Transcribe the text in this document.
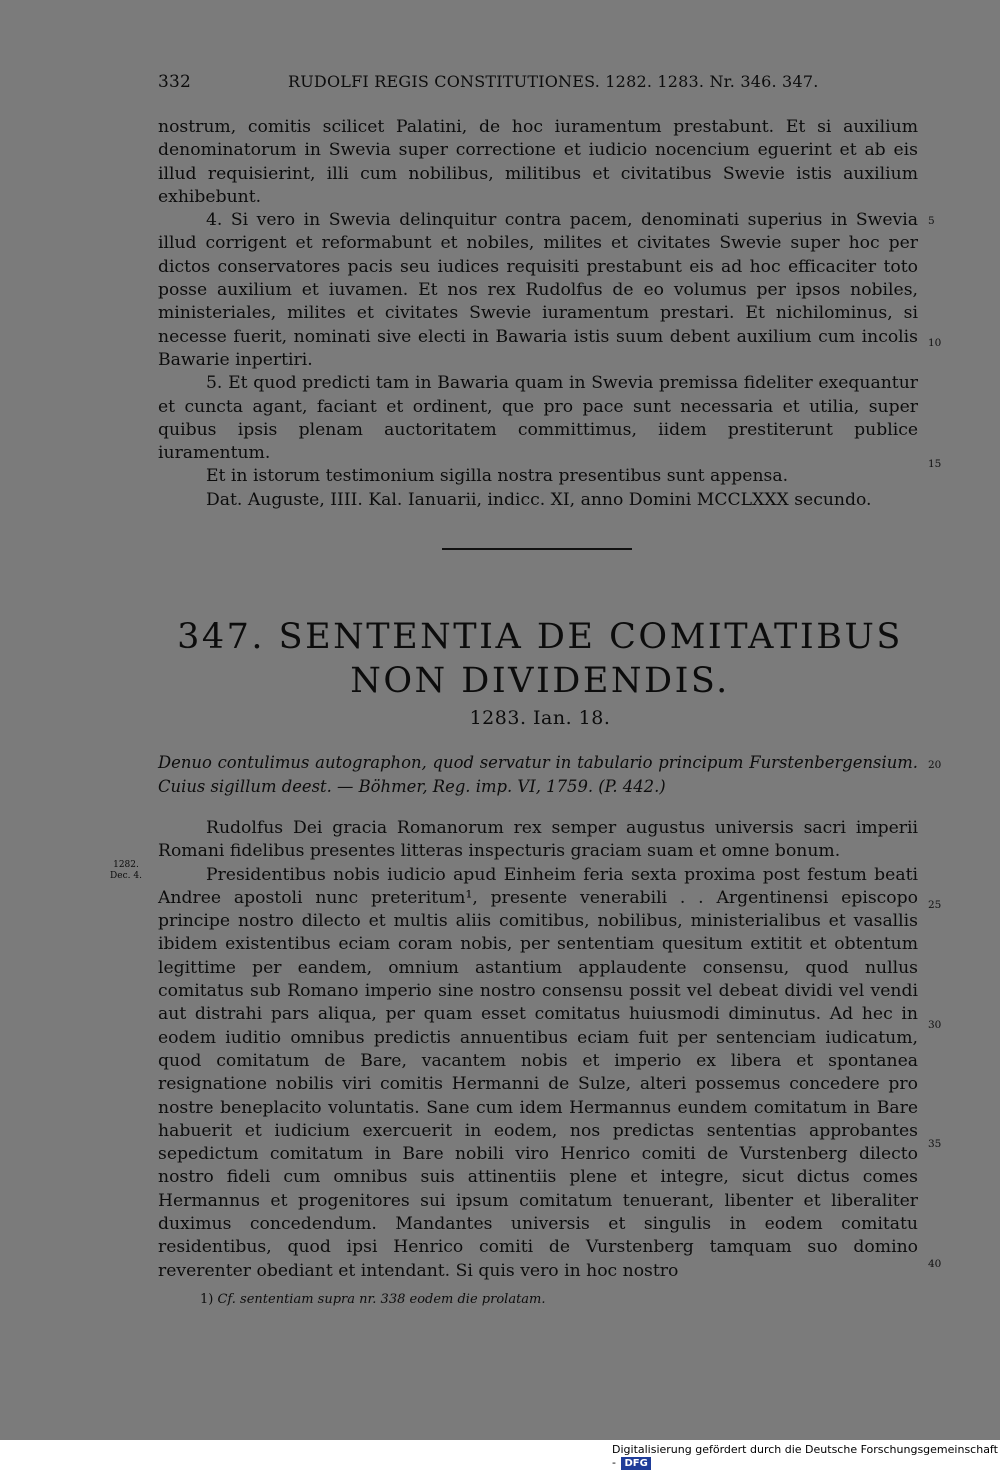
332	RUDOLFI REGIS CONSTITUTIONES. 1282. 1283. Nr. 346. 347.

nostrum, comitis scilicet Palatini, de hoc iuramentum prestabunt. Et si auxilium denominatorum in Swevia super correctione et iudicio nocencium eguerint et ab eis illud requisierint, illi cum nobilibus, militibus et civitatibus Swevie istis auxilium exhibebunt.

4. Si vero in Swevia delinquitur contra pacem, denominati superius in Swevia illud corrigent et reformabunt et nobiles, milites et civitates Swevie super hoc per dictos conservatores pacis seu iudices requisiti prestabunt eis ad hoc efficaciter toto posse auxilium et iuvamen. Et nos rex Rudolfus de eo volumus per ipsos nobiles, ministeriales, milites et civitates Swevie iuramentum prestari. Et nichilominus, si necesse fuerit, nominati sive electi in Bawaria istis suum debent auxilium cum incolis Bawarie inpertiri.

5. Et quod predicti tam in Bawaria quam in Swevia premissa fideliter exequantur et cuncta agant, faciant et ordinent, que pro pace sunt necessaria et utilia, super quibus ipsis plenam auctoritatem committimus, iidem prestiterunt publice iuramentum.

Et in istorum testimonium sigilla nostra presentibus sunt appensa.

Dat. Auguste, IIII. Kal. Ianuarii, indicc. XI, anno Domini MCCLXXX secundo.

5
10
15
20
25
30
35
40
347. SENTENTIA DE COMITATIBUS
NON DIVIDENDIS.
1283. Ian. 18.
Denuo contulimus autographon, quod servatur in tabulario principum Furstenbergensium. Cuius sigillum deest. — Böhmer, Reg. imp. VI, 1759. (P. 442.)
1282.
Dec. 4.

Rudolfus Dei gracia Romanorum rex semper augustus universis sacri imperii Romani fidelibus presentes litteras inspecturis graciam suam et omne bonum.

Presidentibus nobis iudicio apud Einheim feria sexta proxima post festum beati Andree apostoli nunc preteritum¹, presente venerabili . . Argentinensi episcopo principe nostro dilecto et multis aliis comitibus, nobilibus, ministerialibus et vasallis ibidem existentibus eciam coram nobis, per sententiam quesitum extitit et obtentum legittime per eandem, omnium astantium applaudente consensu, quod nullus comitatus sub Romano imperio sine nostro consensu possit vel debeat dividi vel vendi aut distrahi pars aliqua, per quam esset comitatus huiusmodi diminutus. Ad hec in eodem iuditio omnibus predictis annuentibus eciam fuit per sentenciam iudicatum, quod comitatum de Bare, vacantem nobis et imperio ex libera et spontanea resignatione nobilis viri comitis Hermanni de Sulze, alteri possemus concedere pro nostre beneplacito voluntatis. Sane cum idem Hermannus eundem comitatum in Bare habuerit et iudicium exercuerit in eodem, nos predictas sententias approbantes sepedictum comitatum in Bare nobili viro Henrico comiti de Vurstenberg dilecto nostro fideli cum omnibus suis attinentiis plene et integre, sicut dictus comes Hermannus et progenitores sui ipsum comitatum tenuerant, libenter et liberaliter duximus concedendum. Mandantes universis et singulis in eodem comitatu residentibus, quod ipsi Henrico comiti de Vurstenberg tamquam suo domino reverenter obediant et intendant. Si quis vero in hoc nostro

1) Cf. sententiam supra nr. 338 eodem die prolatam.
Digitalisierung gefördert durch die Deutsche Forschungsgemeinschaft - DFG
